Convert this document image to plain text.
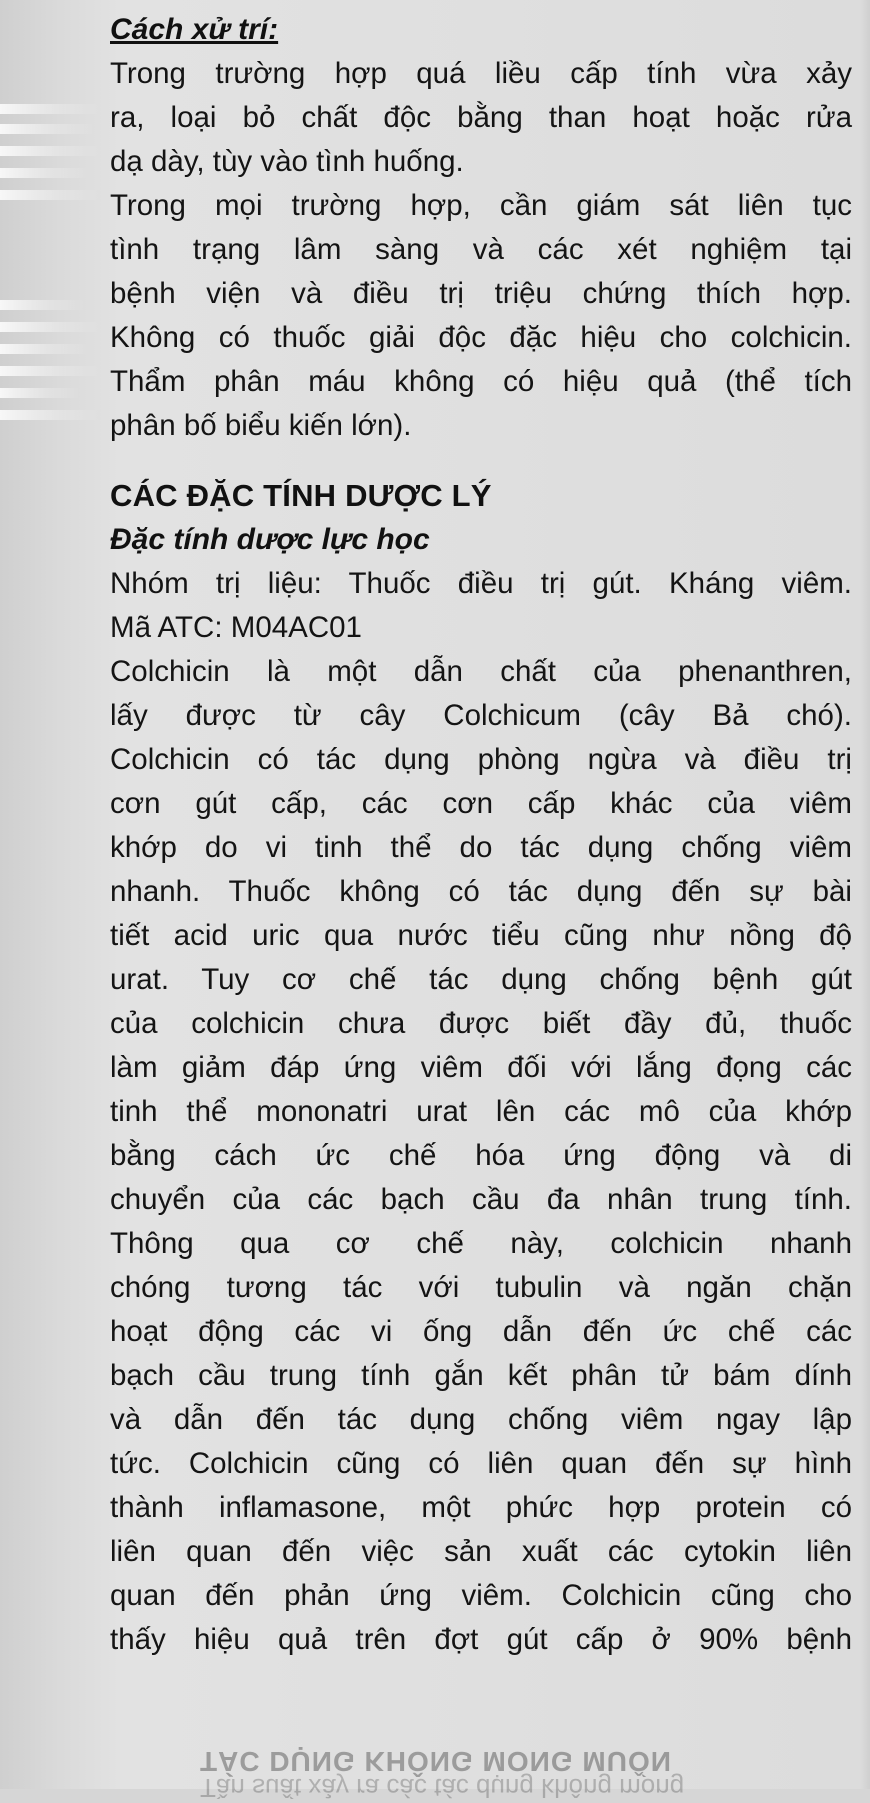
Cách xử trí:
Trong trường hợp quá liều cấp tính vừa xảy
ra, loại bỏ chất độc bằng than hoạt hoặc rửa
dạ dày, tùy vào tình huống.
Trong mọi trường hợp, cần giám sát liên tục
tình trạng lâm sàng và các xét nghiệm tại
bệnh viện và điều trị triệu chứng thích hợp.
Không có thuốc giải độc đặc hiệu cho colchicin.
Thẩm phân máu không có hiệu quả (thể tích
phân bố biểu kiến lớn).
CÁC ĐẶC TÍNH DƯỢC LÝ
Đặc tính dược lực học
Nhóm trị liệu: Thuốc điều trị gút. Kháng viêm.
Mã ATC: M04AC01
Colchicin là một dẫn chất của phenanthren,
lấy được từ cây Colchicum (cây Bả chó).
Colchicin có tác dụng phòng ngừa và điều trị
cơn gút cấp, các cơn cấp khác của viêm
khớp do vi tinh thể do tác dụng chống viêm
nhanh. Thuốc không có tác dụng đến sự bài
tiết acid uric qua nước tiểu cũng như nồng độ
urat. Tuy cơ chế tác dụng chống bệnh gút
của colchicin chưa được biết đầy đủ, thuốc
làm giảm đáp ứng viêm đối với lắng đọng các
tinh thể mononatri urat lên các mô của khớp
bằng cách ức chế hóa ứng động và di
chuyển của các bạch cầu đa nhân trung tính.
Thông qua cơ chế này, colchicin nhanh
chóng tương tác với tubulin và ngăn chặn
hoạt động các vi ống dẫn đến ức chế các
bạch cầu trung tính gắn kết phân tử bám dính
và dẫn đến tác dụng chống viêm ngay lập
tức. Colchicin cũng có liên quan đến sự hình
thành inflamasone, một phức hợp protein có
liên quan đến việc sản xuất các cytokin liên
quan đến phản ứng viêm. Colchicin cũng cho
thấy hiệu quả trên đợt gút cấp ở 90% bệnh
TÁC DỤNG KHÔNG MONG MUỐN
Tần suất xảy ra các tác dụng không mong
